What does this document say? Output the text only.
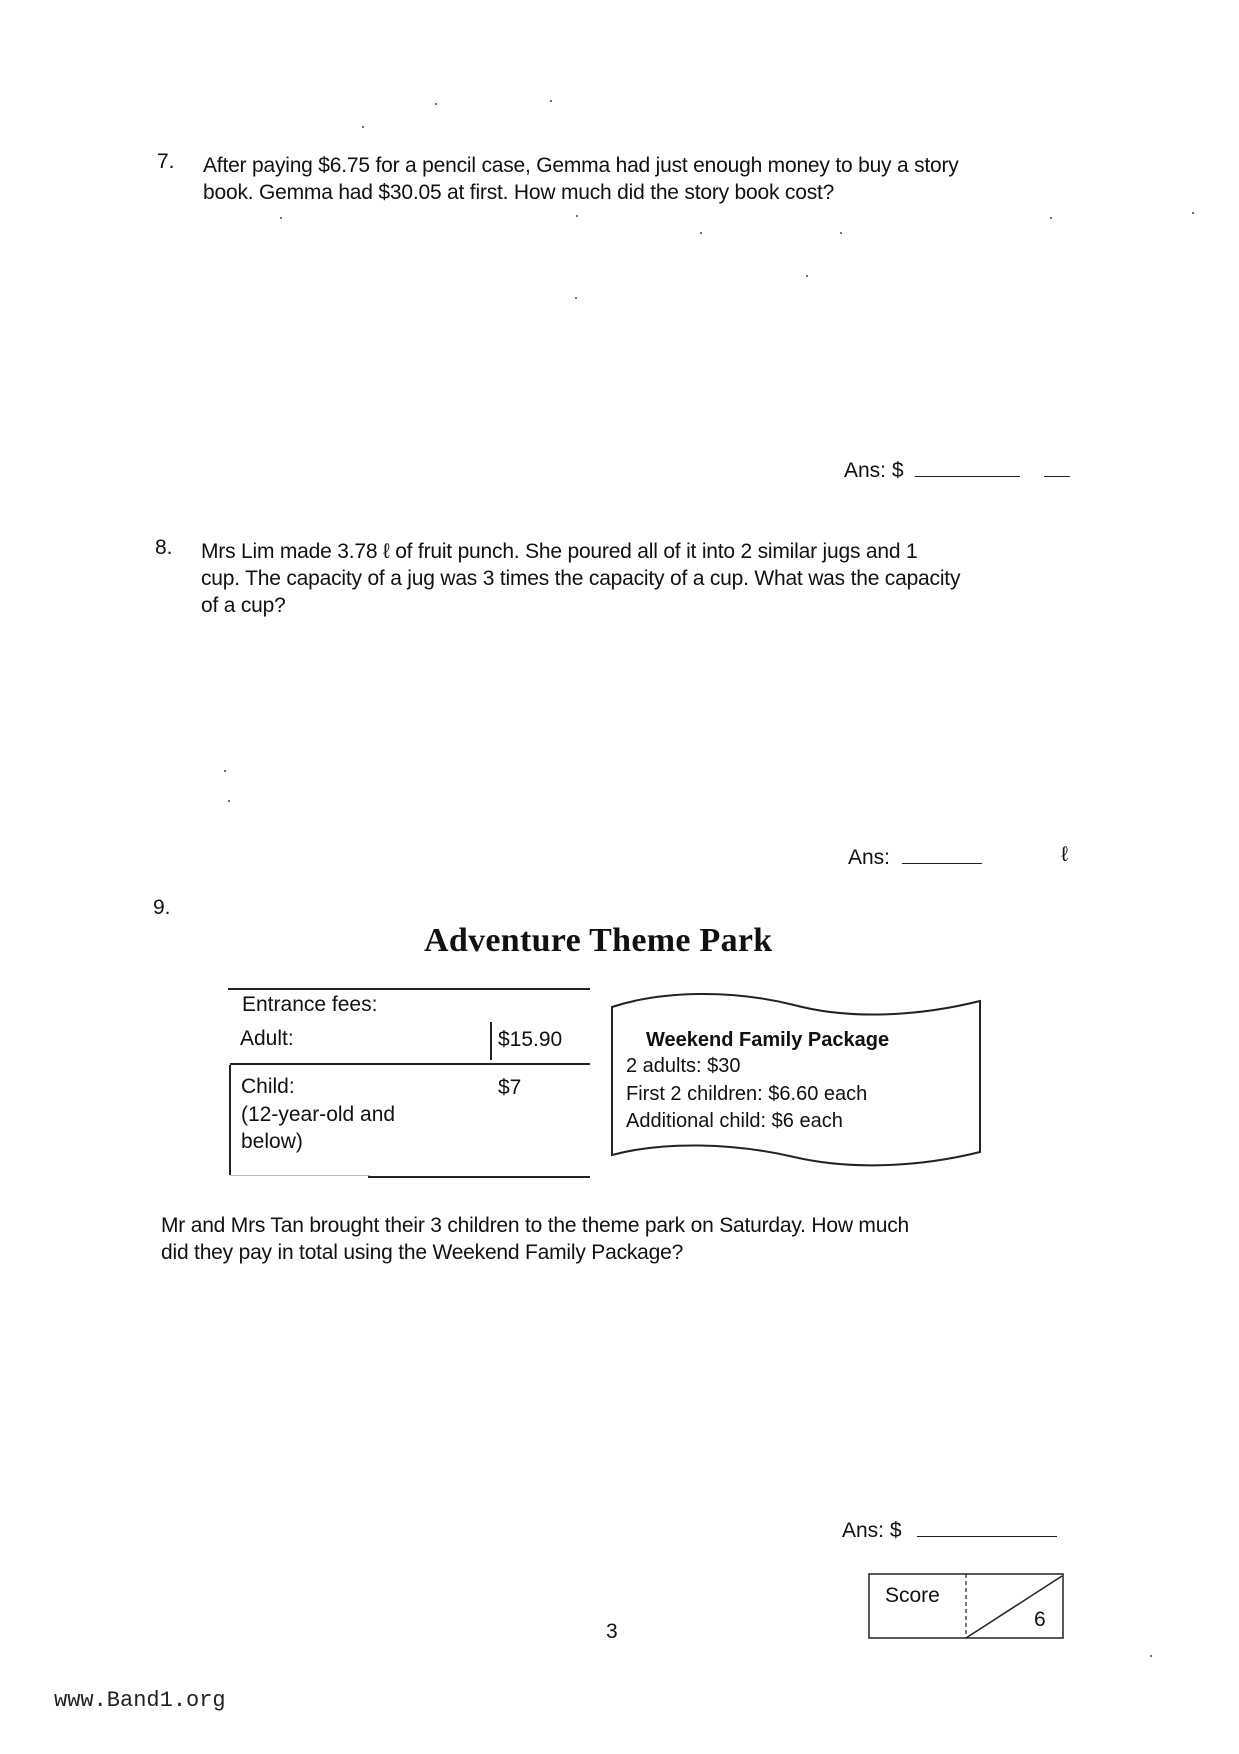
7. After paying $6.75 for a pencil case, Gemma had just enough money to buy a story
book. Gemma had $30.05 at first. How much did the story book cost?
Ans: $
8. Mrs Lim made 3.78 ℓ of fruit punch. She poured all of it into 2 similar jugs and 1
cup. The capacity of a jug was 3 times the capacity of a cup. What was the capacity
of a cup?
Ans:	ℓ
9.
Adventure Theme Park
Entrance fees:
Adult:	$15.90
Child:	$7
(12-year-old and
below)
Weekend Family Package
2 adults: $30
First 2 children: $6.60 each
Additional child: $6 each
Mr and Mrs Tan brought their 3 children to the theme park on Saturday. How much
did they pay in total using the Weekend Family Package?
Ans: $
Score
6
3
www.Band1.org
